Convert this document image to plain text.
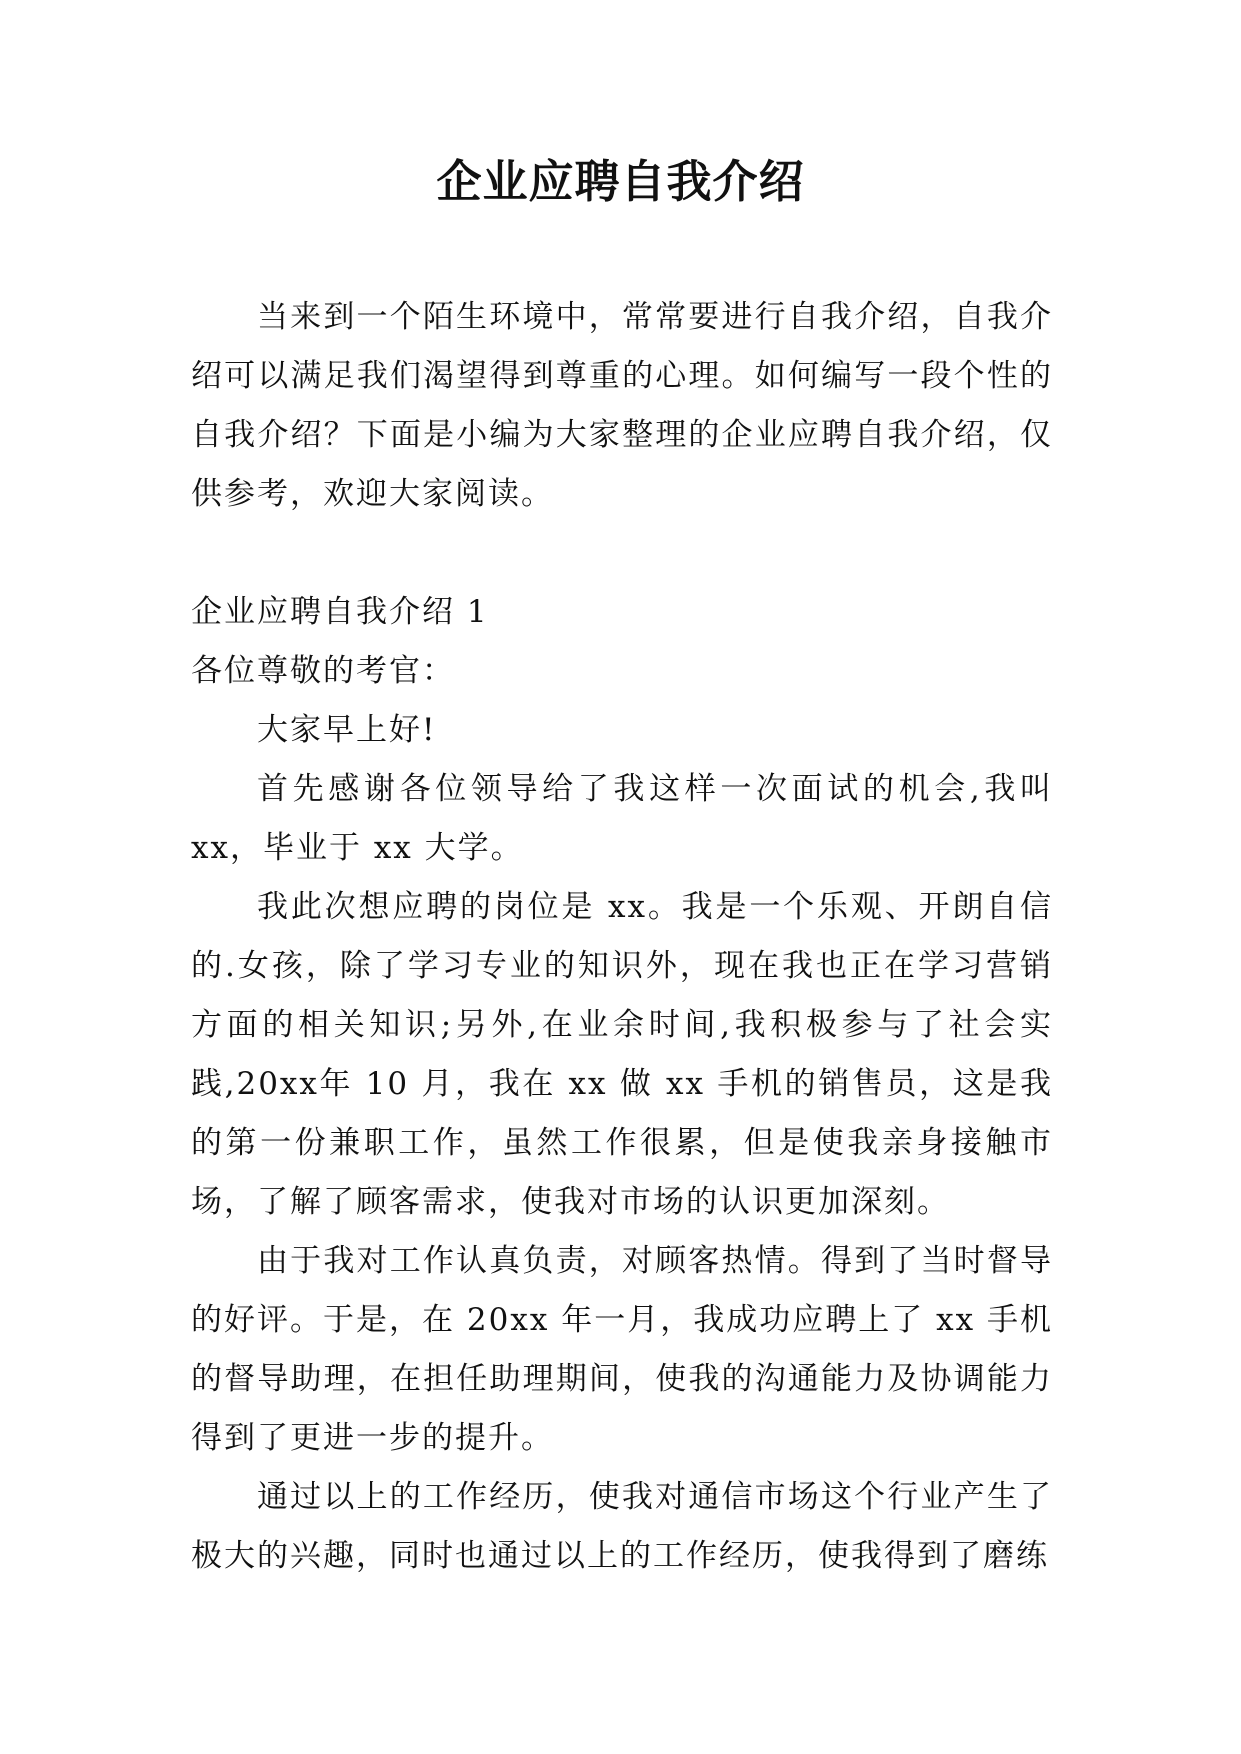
企业应聘自我介绍

当来到一个陌生环境中，常常要进行自我介绍，自我介绍可以满足我们渴望得到尊重的心理。如何编写一段个性的自我介绍？下面是小编为大家整理的企业应聘自我介绍，仅供参考，欢迎大家阅读。

企业应聘自我介绍 1

各位尊敬的考官：

大家早上好!

首先感谢各位领导给了我这样一次面试的机会,我叫xx，毕业于 xx 大学。

我此次想应聘的岗位是 xx。我是一个乐观、开朗自信的.女孩，除了学习专业的知识外，现在我也正在学习营销方面的相关知识;另外,在业余时间,我积极参与了社会实践,20xx年 10 月，我在 xx 做 xx 手机的销售员，这是我的第一份兼职工作，虽然工作很累，但是使我亲身接触市场，了解了顾客需求，使我对市场的认识更加深刻。

由于我对工作认真负责，对顾客热情。得到了当时督导的好评。于是，在 20xx 年一月，我成功应聘上了 xx 手机的督导助理，在担任助理期间，使我的沟通能力及协调能力得到了更进一步的提升。

通过以上的工作经历，使我对通信市场这个行业产生了极大的兴趣，同时也通过以上的工作经历，使我得到了磨练
